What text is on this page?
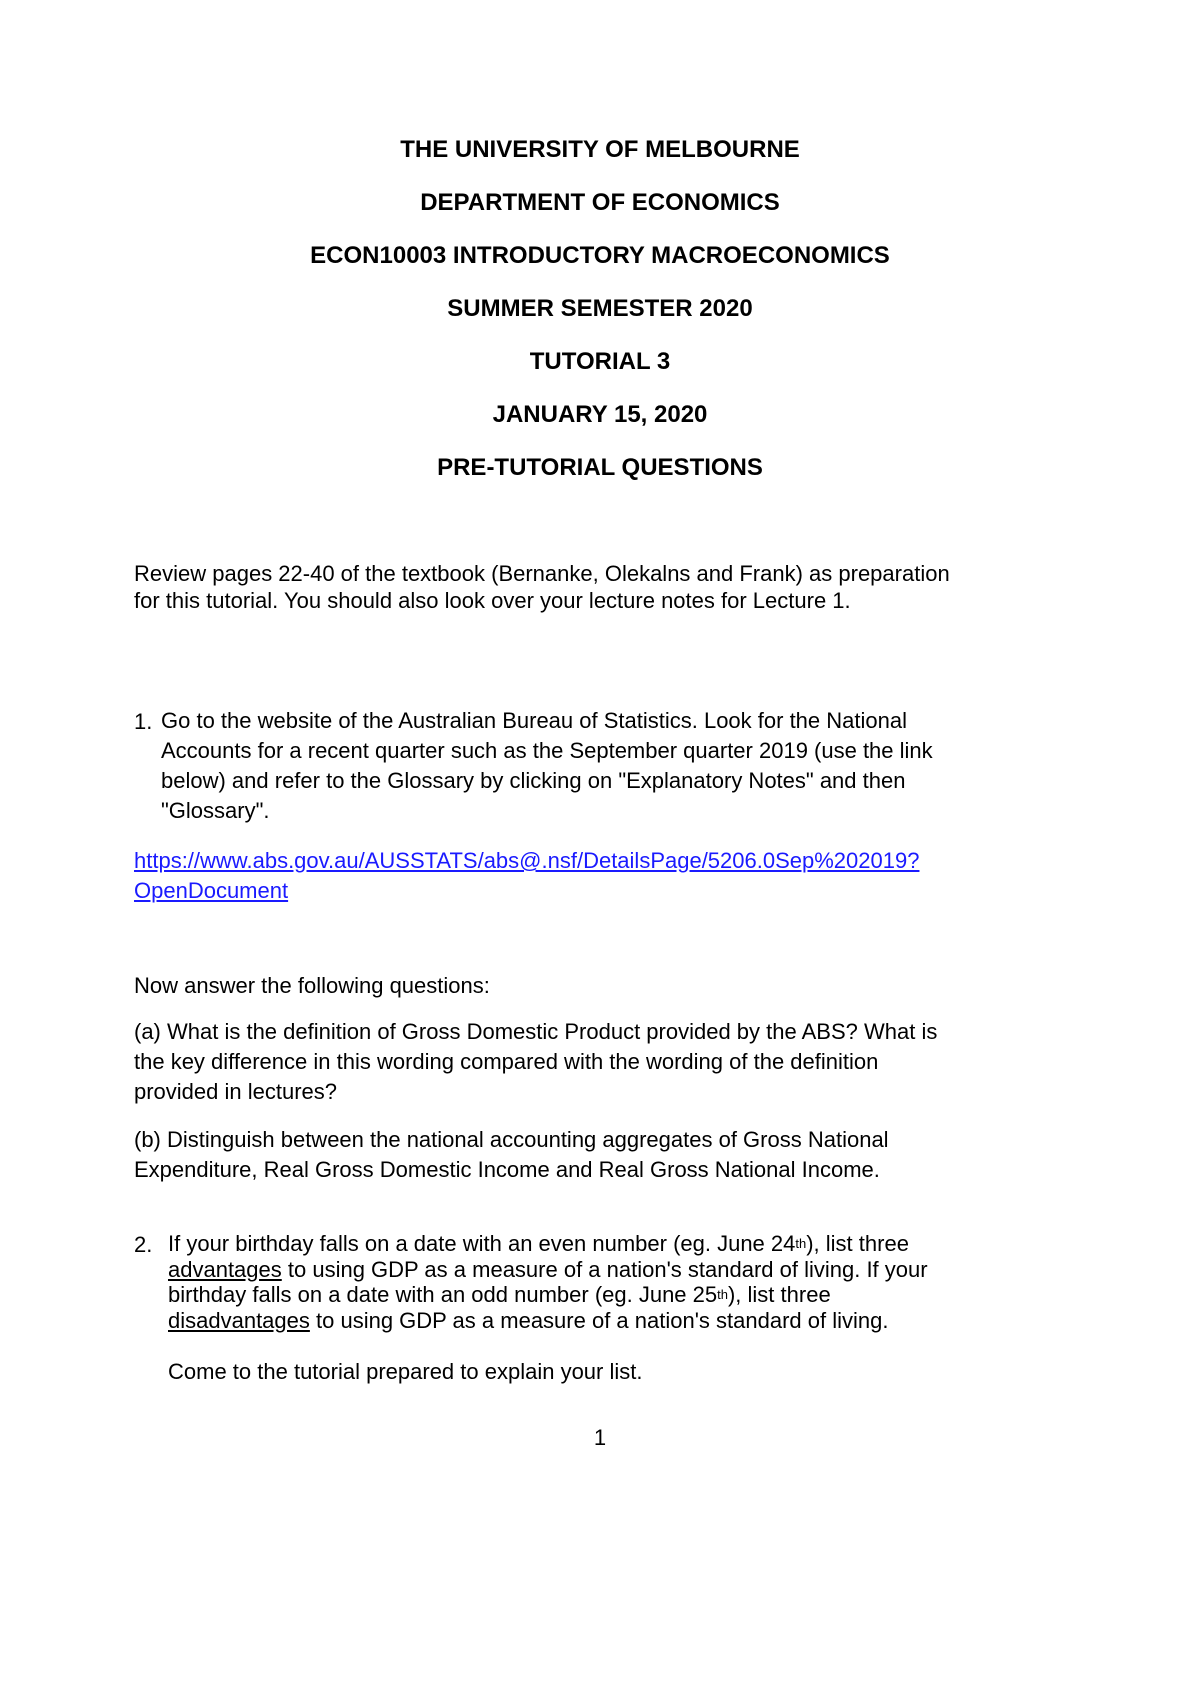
THE UNIVERSITY OF MELBOURNE
DEPARTMENT OF ECONOMICS
ECON10003 INTRODUCTORY MACROECONOMICS
SUMMER SEMESTER 2020
TUTORIAL 3
JANUARY 15, 2020
PRE-TUTORIAL QUESTIONS
Review pages 22-40 of the textbook (Bernanke, Olekalns and Frank) as preparation
for this tutorial. You should also look over your lecture notes for Lecture 1.
1. Go to the website of the Australian Bureau of Statistics. Look for the National
Accounts for a recent quarter such as the September quarter 2019 (use the link
below) and refer to the Glossary by clicking on "Explanatory Notes" and then
"Glossary".
https://www.abs.gov.au/AUSSTATS/abs@.nsf/DetailsPage/5206.0Sep%202019?
OpenDocument
Now answer the following questions:
(a) What is the definition of Gross Domestic Product provided by the ABS? What is
the key difference in this wording compared with the wording of the definition
provided in lectures?
(b) Distinguish between the national accounting aggregates of Gross National
Expenditure, Real Gross Domestic Income and Real Gross National Income.
2. If your birthday falls on a date with an even number (eg. June 24th), list three
advantages to using GDP as a measure of a nation's standard of living. If your
birthday falls on a date with an odd number (eg. June 25th), list three
disadvantages to using GDP as a measure of a nation's standard of living.
Come to the tutorial prepared to explain your list.
1
